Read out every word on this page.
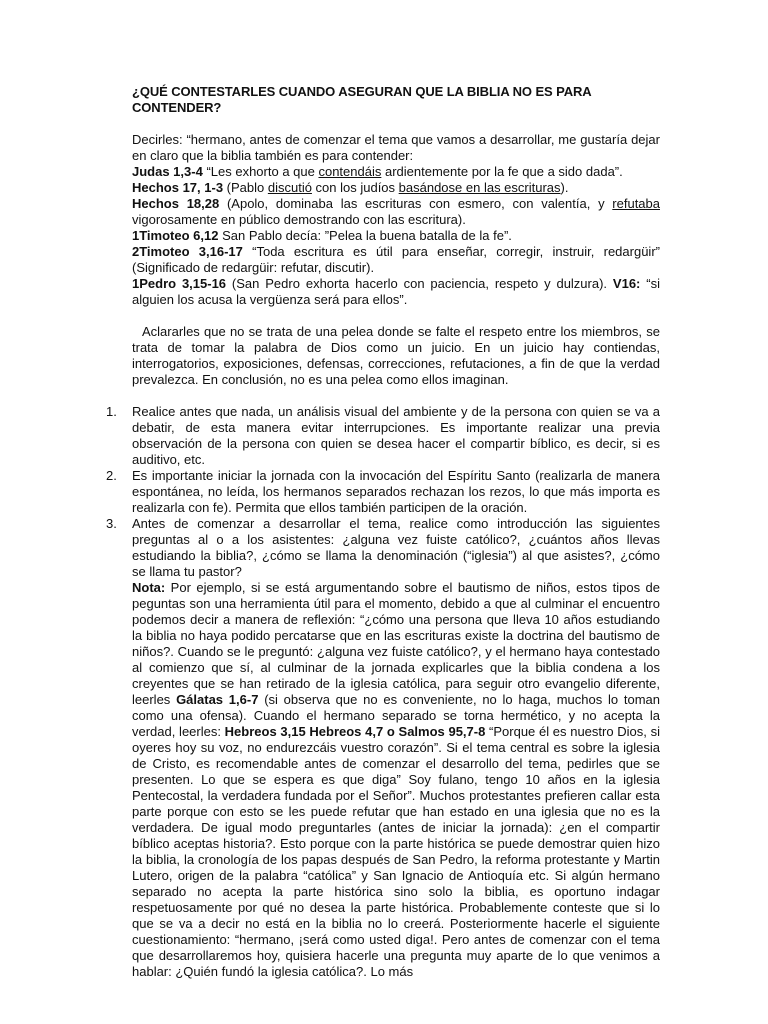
¿QUÉ CONTESTARLES CUANDO ASEGURAN QUE LA BIBLIA NO ES PARA CONTENDER?

Decirles: “hermano, antes de comenzar el tema que vamos a desarrollar, me gustaría dejar en claro que la biblia también es para contender:

Judas 1,3-4 “Les exhorto a que contendáis ardientemente por la fe que a sido dada”.

Hechos 17, 1-3 (Pablo discutió con los judíos basándose en las escrituras).

Hechos 18,28 (Apolo, dominaba las escrituras con esmero, con valentía, y refutaba vigorosamente en público demostrando con las escritura).

1Timoteo 6,12 San Pablo decía: ”Pelea la buena batalla de la fe”.

2Timoteo 3,16-17 “Toda escritura es útil para enseñar, corregir, instruir, redargüir” (Significado de redargüir: refutar, discutir).

1Pedro 3,15-16 (San Pedro exhorta hacerlo con paciencia, respeto y dulzura). V16: “si alguien los acusa la vergüenza será para ellos”.

Aclararles que no se trata de una pelea donde se falte el respeto entre los miembros, se trata de tomar la palabra de Dios como un juicio. En un juicio hay contiendas, interrogatorios, exposiciones, defensas, correcciones, refutaciones, a fin de que la verdad prevalezca. En conclusión, no es una pelea como ellos imaginan.

1. Realice antes que nada, un análisis visual del ambiente y de la persona con quien se va a debatir, de esta manera evitar interrupciones. Es importante realizar una previa observación de la persona con quien se desea hacer el compartir bíblico, es decir, si es auditivo, etc.
2. Es importante iniciar la jornada con la invocación del Espíritu Santo (realizarla de manera espontánea, no leída, los hermanos separados rechazan los rezos, lo que más importa es realizarla con fe). Permita que ellos también participen de la oración.
3. Antes de comenzar a desarrollar el tema, realice como introducción las siguientes preguntas al o a los asistentes: ¿alguna vez fuiste católico?, ¿cuántos años llevas estudiando la biblia?, ¿cómo se llama la denominación (“iglesia”) al que asistes?, ¿cómo se llama tu pastor?
Nota: Por ejemplo, si se está argumentando sobre el bautismo de niños, estos tipos de peguntas son una herramienta útil para el momento, debido a que al culminar el encuentro podemos decir a manera de reflexión: “¿cómo una persona que lleva 10 años estudiando la biblia no haya podido percatarse que en las escrituras existe la doctrina del bautismo de niños?. Cuando se le preguntó: ¿alguna vez fuiste católico?, y el hermano haya contestado al comienzo que sí, al culminar de la jornada explicarles que la biblia condena a los creyentes que se han retirado de la iglesia católica, para seguir otro evangelio diferente, leerles Gálatas 1,6-7 (si observa que no es conveniente, no lo haga, muchos lo toman como una ofensa). Cuando el hermano separado se torna hermético, y no acepta la verdad, leerles: Hebreos 3,15 Hebreos 4,7 o Salmos 95,7-8 “Porque él es nuestro Dios, si oyeres hoy su voz, no endurezcáis vuestro corazón”. Si el tema central es sobre la iglesia de Cristo, es recomendable antes de comenzar el desarrollo del tema, pedirles que se presenten. Lo que se espera es que diga” Soy fulano, tengo 10 años en la iglesia Pentecostal, la verdadera fundada por el Señor”. Muchos protestantes prefieren callar esta parte porque con esto se les puede refutar que han estado en una iglesia que no es la verdadera. De igual modo preguntarles (antes de iniciar la jornada): ¿en el compartir bíblico aceptas historia?. Esto porque con la parte histórica se puede demostrar quien hizo la biblia, la cronología de los papas después de San Pedro, la reforma protestante y Martin Lutero, origen de la palabra “católica” y San Ignacio de Antioquía etc. Si algún hermano separado no acepta la parte histórica sino solo la biblia, es oportuno indagar respetuosamente por qué no desea la parte histórica. Probablemente conteste que si lo que se va a decir no está en la biblia no lo creerá. Posteriormente hacerle el siguiente cuestionamiento: “hermano, ¡será como usted diga!. Pero antes de comenzar con el tema que desarrollaremos hoy, quisiera hacerle una pregunta muy aparte de lo que venimos a hablar: ¿Quién fundó la iglesia católica?. Lo más
